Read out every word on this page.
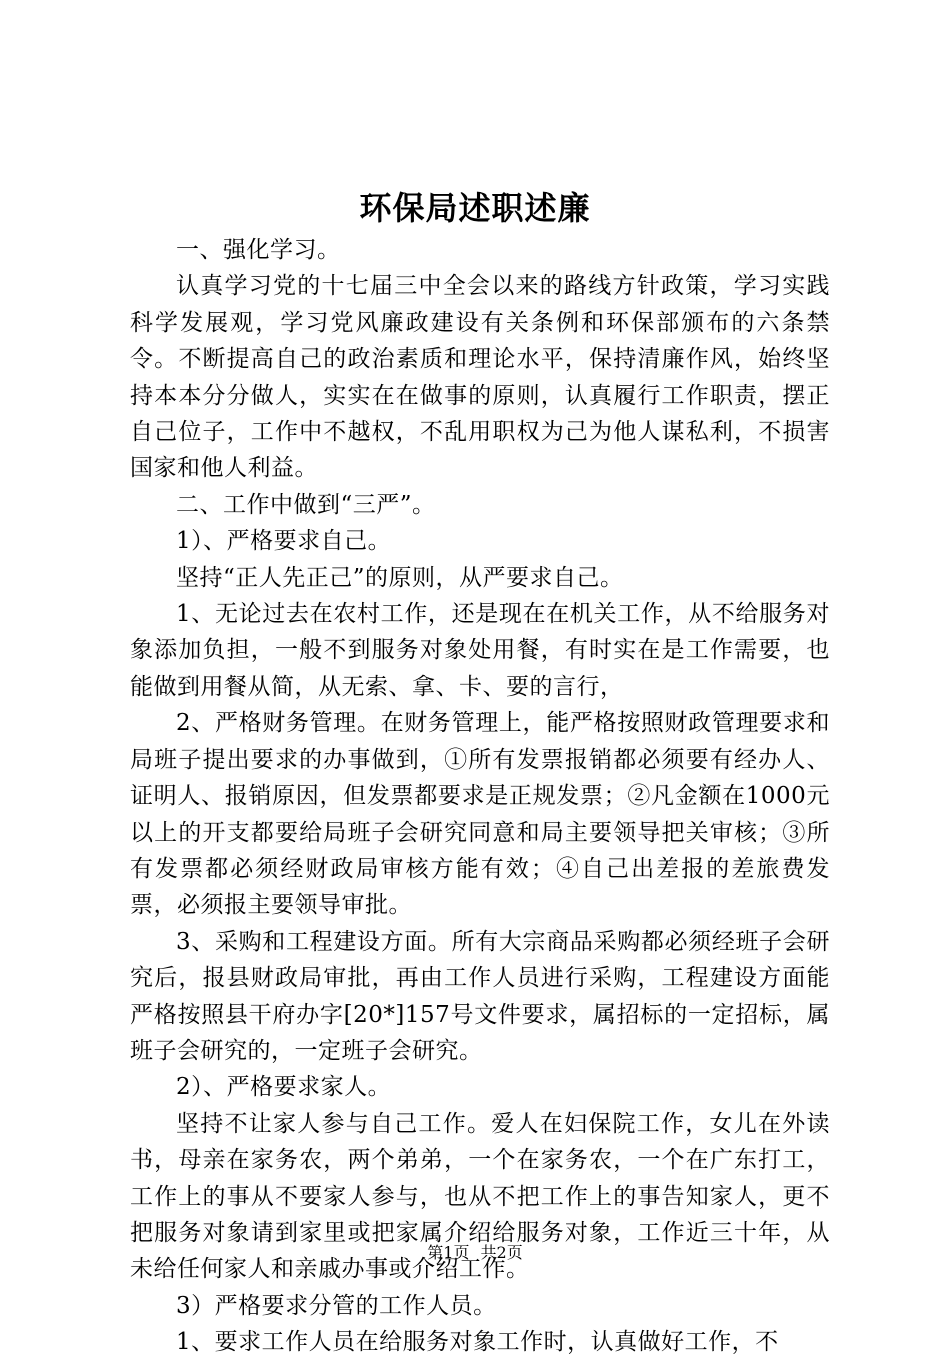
环保局述职述廉

一、强化学习。

认真学习党的十七届三中全会以来的路线方针政策，学习实践科学发展观，学习党风廉政建设有关条例和环保部颁布的六条禁令。不断提高自己的政治素质和理论水平，保持清廉作风，始终坚持本本分分做人，实实在在做事的原则，认真履行工作职责，摆正自己位子，工作中不越权，不乱用职权为己为他人谋私利，不损害国家和他人利益。

二、工作中做到“三严”。

1）、严格要求自己。

坚持“正人先正己”的原则，从严要求自己。

1、无论过去在农村工作，还是现在在机关工作，从不给服务对象添加负担，一般不到服务对象处用餐，有时实在是工作需要，也能做到用餐从简，从无索、拿、卡、要的言行，

2、严格财务管理。在财务管理上，能严格按照财政管理要求和局班子提出要求的办事做到，①所有发票报销都必须要有经办人、证明人、报销原因，但发票都要求是正规发票；②凡金额在1000元以上的开支都要给局班子会研究同意和局主要领导把关审核；③所有发票都必须经财政局审核方能有效；④自己出差报的差旅费发票，必须报主要领导审批。

3、采购和工程建设方面。所有大宗商品采购都必须经班子会研究后，报县财政局审批，再由工作人员进行采购，工程建设方面能严格按照县干府办字[20*]157号文件要求，属招标的一定招标，属班子会研究的，一定班子会研究。

2）、严格要求家人。

坚持不让家人参与自己工作。爱人在妇保院工作，女儿在外读书，母亲在家务农，两个弟弟，一个在家务农，一个在广东打工，工作上的事从不要家人参与，也从不把工作上的事告知家人，更不把服务对象请到家里或把家属介绍给服务对象，工作近三十年，从未给任何家人和亲戚办事或介绍工作。

3）严格要求分管的工作人员。

1、要求工作人员在给服务对象工作时，认真做好工作，不

第1页 共2页
